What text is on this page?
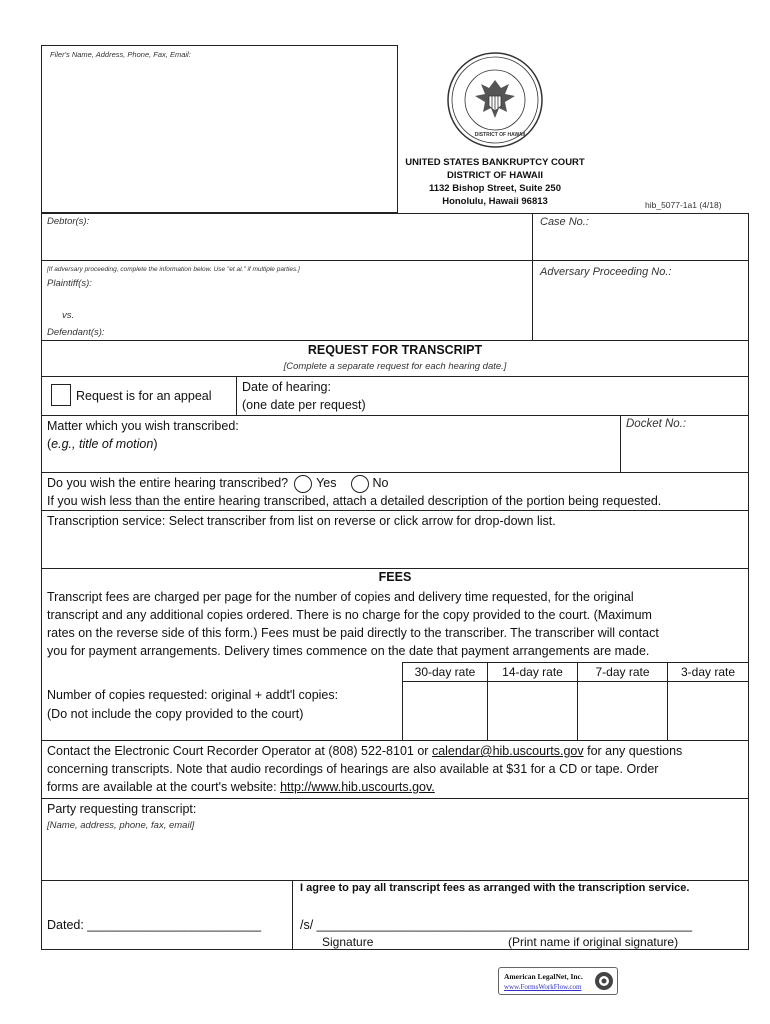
Filer's Name, Address, Phone, Fax, Email:
DISTRICT OF HAWAII
UNITED STATES BANKRUPTCY COURT
DISTRICT OF HAWAII
1132 Bishop Street, Suite 250
Honolulu, Hawaii 96813	hib_5077-1a1 (4/18)
Debtor(s):	Case No.:
[If adversary proceeding, complete the information below. Use "et al." if multiple parties.]
Plaintiff(s):
vs.
Defendant(s):
Adversary Proceeding No.:
REQUEST FOR TRANSCRIPT
[Complete a separate request for each hearing date.]
Request is for an appeal
Date of hearing:
(one date per request)
Matter which you wish transcribed:
(e.g., title of motion)
Docket No.:
Do you wish the entire hearing transcribed? Yes	No
If you wish less than the entire hearing transcribed, attach a detailed description of the portion being requested.
Transcription service: Select transcriber from list on reverse or click arrow for drop-down list.
FEES
Transcript fees are charged per page for the number of copies and delivery time requested, for the original
transcript and any additional copies ordered. There is no charge for the copy provided to the court. (Maximum
rates on the reverse side of this form.) Fees must be paid directly to the transcriber. The transcriber will contact
you for payment arrangements. Delivery times commence on the date that payment arrangements are made.
30-day rate	14-day rate	7-day rate	3-day rate
Number of copies requested: original + addt'l copies:
(Do not include the copy provided to the court)
Contact the Electronic Court Recorder Operator at (808) 522-8101 or calendar@hib.uscourts.gov for any questions
concerning transcripts. Note that audio recordings of hearings are also available at $31 for a CD or tape. Order
forms are available at the court's website: http://www.hib.uscourts.gov.
Party requesting transcript:
[Name, address, phone, fax, email]
I agree to pay all transcript fees as arranged with the transcription service.
Dated: _________________________	/s/ ______________________________________________________
Signature	(Print name if original signature)
American LegalNet, Inc.
www.FormsWorkFlow.com
